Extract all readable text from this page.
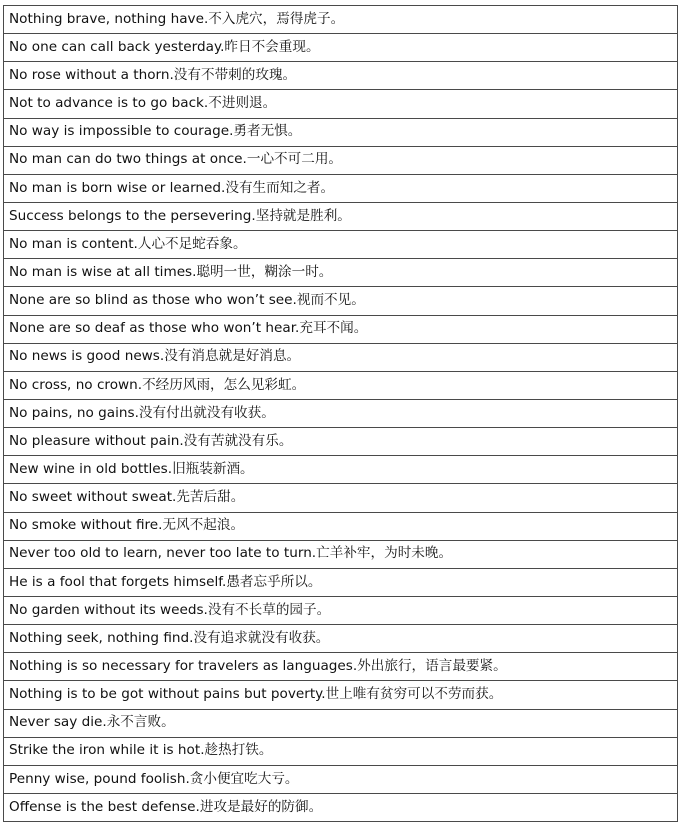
Nothing brave, nothing have.不入虎穴，焉得虎子。
No one can call back yesterday.昨日不会重现。
No rose without a thorn.没有不带刺的玫瑰。
Not to advance is to go back.不进则退。
No way is impossible to courage.勇者无惧。
No man can do two things at once.一心不可二用。
No man is born wise or learned.没有生而知之者。
Success belongs to the persevering.坚持就是胜利。
No man is content.人心不足蛇吞象。
No man is wise at all times.聪明一世，糊涂一时。
None are so blind as those who won’t see.视而不见。
None are so deaf as those who won’t hear.充耳不闻。
No news is good news.没有消息就是好消息。
No cross, no crown.不经历风雨，怎么见彩虹。
No pains, no gains.没有付出就没有收获。
No pleasure without pain.没有苦就没有乐。
New wine in old bottles.旧瓶装新酒。
No sweet without sweat.先苦后甜。
No smoke without fire.无风不起浪。
Never too old to learn, never too late to turn.亡羊补牢，为时未晚。
He is a fool that forgets himself.愚者忘乎所以。
No garden without its weeds.没有不长草的园子。
Nothing seek, nothing find.没有追求就没有收获。
Nothing is so necessary for travelers as languages.外出旅行，语言最要紧。
Nothing is to be got without pains but poverty.世上唯有贫穷可以不劳而获。
Never say die.永不言败。
Strike the iron while it is hot.趁热打铁。
Penny wise, pound foolish.贪小便宜吃大亏。
Offense is the best defense.进攻是最好的防御。
